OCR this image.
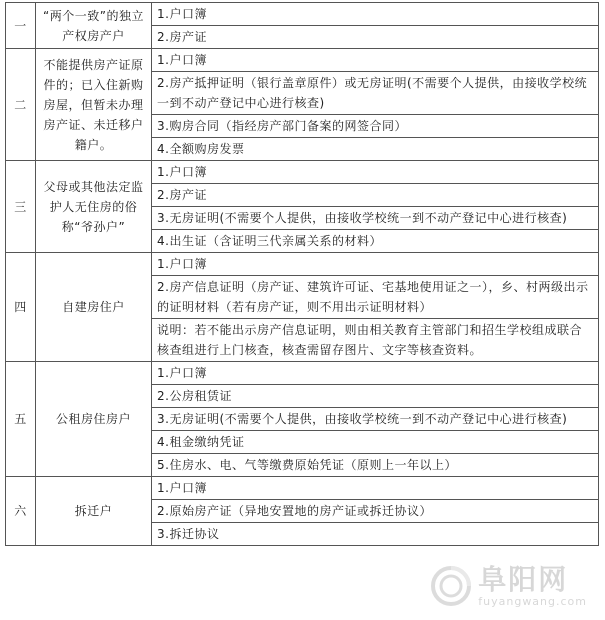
一	“两个一致”的独立产权房产户	1.户口簿
		2.房产证
二	不能提供房产证原件的；已入住新购房屋，但暂未办理房产证、未迁移户籍户。	1.户口簿
		2.房产抵押证明（银行盖章原件）或无房证明(不需要个人提供，由接收学校统一到不动产登记中心进行核查)
		3.购房合同（指经房产部门备案的网签合同）
		4.全额购房发票
三	父母或其他法定监护人无住房的俗称“爷孙户”	1.户口簿
		2.房产证
		3.无房证明(不需要个人提供，由接收学校统一到不动产登记中心进行核查)
		4.出生证（含证明三代亲属关系的材料）
四	自建房住户	1.户口簿
		2.房产信息证明（房产证、建筑许可证、宅基地使用证之一），乡、村两级出示的证明材料（若有房产证，则不用出示证明材料）
		说明：若不能出示房产信息证明，则由相关教育主管部门和招生学校组成联合核查组进行上门核查，核查需留存图片、文字等核查资料。
五	公租房住房户	1.户口簿
		2.公房租赁证
		3.无房证明(不需要个人提供，由接收学校统一到不动产登记中心进行核查)
		4.租金缴纳凭证
		5.住房水、电、气等缴费原始凭证（原则上一年以上）
六	拆迁户	1.户口簿
		2.原始房产证（异地安置地的房产证或拆迁协议）
		3.拆迁协议
阜阳网
fuyangwang.com
